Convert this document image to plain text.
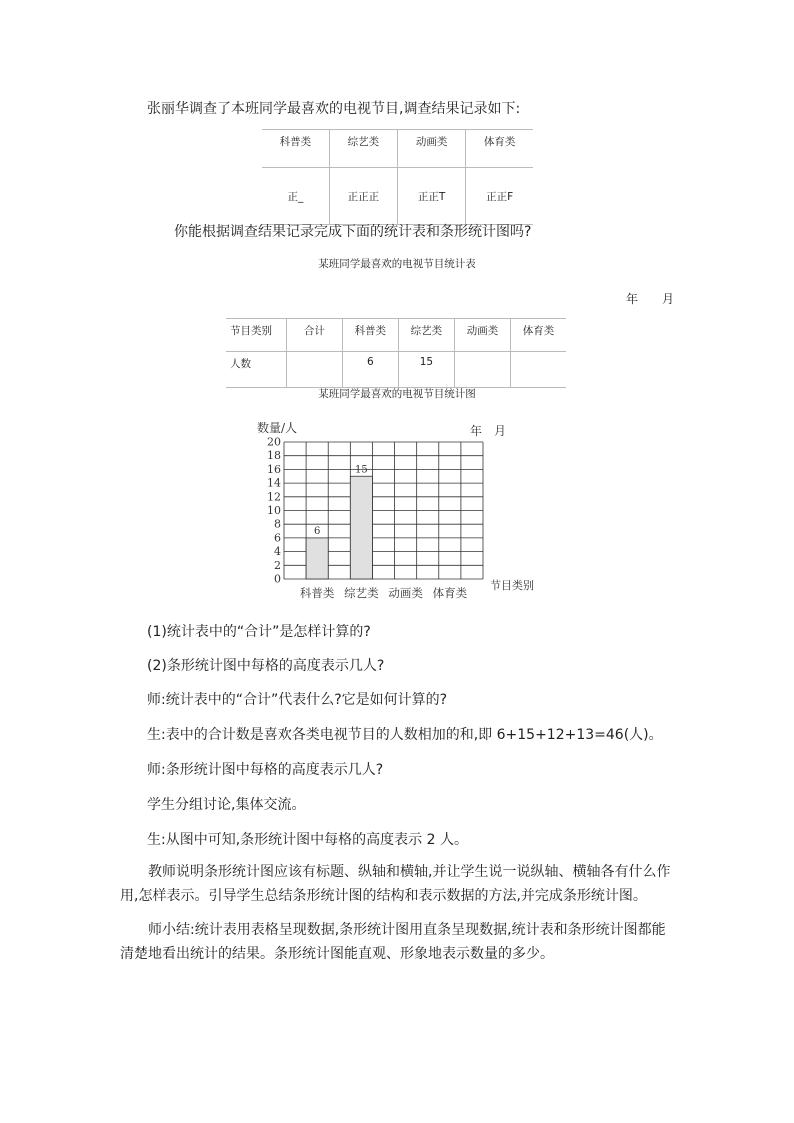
张丽华调查了本班同学最喜欢的电视节目,调查结果记录如下:
科普类	综艺类	动画类	体育类
正_	正正正	正正T	正正F
你能根据调查结果记录完成下面的统计表和条形统计图吗?
某班同学最喜欢的电视节目统计表
年　　月
节目类别	合计	科普类	综艺类	动画类	体育类
人数		6	15		
某班同学最喜欢的电视节目统计图
数量/人	年　月
节目类别
6
15
0
2
4
6
8
10
12
14
16
18
20
科普类 综艺类 动画类 体育类
(1)统计表中的“合计”是怎样计算的?
(2)条形统计图中每格的高度表示几人?
师:统计表中的“合计”代表什么?它是如何计算的?
生:表中的合计数是喜欢各类电视节目的人数相加的和,即 6+15+12+13=46(人)。
师:条形统计图中每格的高度表示几人?
学生分组讨论,集体交流。
生:从图中可知,条形统计图中每格的高度表示 2 人。
教师说明条形统计图应该有标题、纵轴和横轴,并让学生说一说纵轴、横轴各有什么作用,怎样表示。引导学生总结条形统计图的结构和表示数据的方法,并完成条形统计图。
师小结:统计表用表格呈现数据,条形统计图用直条呈现数据,统计表和条形统计图都能清楚地看出统计的结果。条形统计图能直观、形象地表示数量的多少。
